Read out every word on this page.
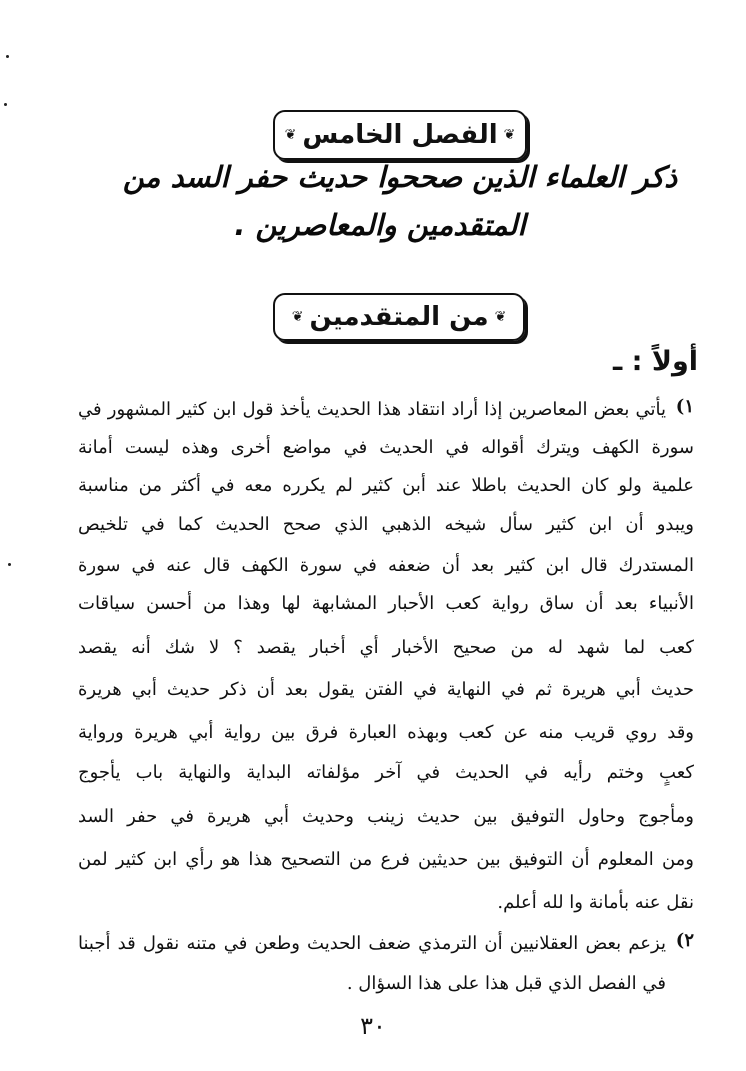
❦
الفصل الخامس
❦
ذكر العلماء الذين صححوا حديث حفر السد من
المتقدمين والمعاصرين .
❦
من المتقدمين
❦
أولاً : ـ
١)
يأتي بعض المعاصرين إذا أراد انتقاد هذا الحديث يأخذ قول ابن كثير المشهور في
سورة الكهف ويترك أقواله في الحديث في مواضع أخرى وهذه ليست أمانة
علمية ولو كان الحديث باطلا عند أبن كثير لم يكرره معه في أكثر من مناسبة
ويبدو أن ابن كثير سأل شيخه الذهبي الذي صحح الحديث كما في تلخيص
المستدرك قال ابن كثير بعد أن ضعفه في سورة الكهف قال عنه في سورة
الأنبياء بعد أن ساق رواية كعب الأحبار المشابهة لها وهذا من أحسن سياقات
كعب لما شهد له من صحيح الأخبار أي أخبار يقصد ؟ لا شك أنه يقصد
حديث أبي هريرة ثم في النهاية في الفتن يقول بعد أن ذكر حديث أبي هريرة
وقد روي قريب منه عن كعب وبهذه العبارة فرق بين رواية أبي هريرة ورواية
كعبٍ وختم رأيه في الحديث في آخر مؤلفاته البداية والنهاية باب يأجوج
ومأجوج وحاول التوفيق بين حديث زينب وحديث أبي هريرة في حفر السد
ومن المعلوم أن التوفيق بين حديثين فرع من التصحيح هذا هو رأي ابن كثير لمن
نقل عنه بأمانة وا لله أعلم.
٢)
يزعم بعض العقلانيين أن الترمذي ضعف الحديث وطعن في متنه نقول قد أجبنا
في الفصل الذي قبل هذا على هذا السؤال .
٣٠
